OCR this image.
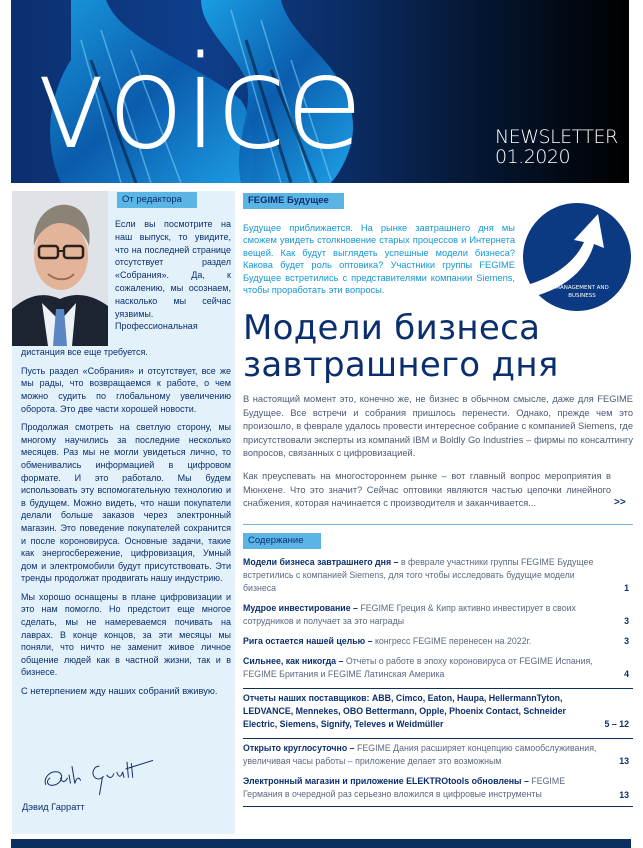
voice	NEWSLETTER
01.2020
От редактора
Если вы посмотрите на наш выпуск, то увидите, что на последней странице отсутствует раздел «Собрания». Да, к сожалению, мы осознаем, насколько мы сейчас уязвимы. Профессиональная
дистанция все еще требуется.
Пусть раздел «Собрания» и отсутствует, все же мы рады, что возвращаемся к работе, о чем можно судить по глобальному увеличению оборота. Это две части хорошей новости.
Продолжая смотреть на светлую сторону, мы многому научились за последние несколько месяцев. Раз мы не могли увидеться лично, то обменивались информацией в цифровом формате. И это работало. Мы будем использовать эту вспомогательную технологию и в будущем. Можно видеть, что наши покупатели делали больше заказов через электронный магазин. Это поведение покупателей сохранится и после короновируса. Основные задачи, такие как энергосбережение, цифровизация, Умный дом и электромобили будут присутствовать. Эти тренды продолжат продвигать нашу индустрию.
Мы хорошо оснащены в плане цифровизации и это нам помогло. Но предстоит еще многое сделать, мы не намереваемся почивать на лаврах. В конце концов, за эти месяцы мы поняли, что ничто не заменит живое личное общение людей как в частной жизни, так и в бизнесе.
С нетерпением жду наших собраний вживую.
Дэвид Гарратт
FEGIME Будущее
Будущее приближается. На рынке завтрашнего дня мы сможем увидеть столкновение старых процессов и Интернета вещей. Как будут выглядеть успешные модели бизнеса? Какова будет роль оптовика? Участники группы FEGIME Будущее встретились с представителями компании Siemens, чтобы проработать эти вопросы.	MANAGEMENT AND
BUSINESS
Модели бизнеса
завтрашнего дня
В настоящий момент это, конечно же, не бизнес в обычном смысле, даже для FEGIME Будущее. Все встречи и собрания пришлось перенести. Однако, прежде чем это произошло, в феврале удалось провести интересное собрание с компанией Siemens, где присутствовали эксперты из компаний IBM и Boldly Go Industries – фирмы по консалтингу вопросов, связанных с цифровизацией.
Как преуспевать на многостороннем рынке – вот главный вопрос мероприятия в Мюнхене. Что это значит? Сейчас оптовики являются частью цепочки линейного снабжения, которая начинается с производителя и заканчивается...	>>
Содержание
Модели бизнеса завтрашнего дня – в феврале участники группы FEGIME Будущее встретились с компанией Siemens, для того чтобы исследовать будущие модели бизнеса	1
Мудрое инвестирование – FEGIME Греция & Кипр активно инвестирует в своих сотрудников и получает за это награды	3
Рига остается нашей целью – конгресс FEGIME перенесен на 2022г.	3
Сильнее, как никогда – Отчеты о работе в эпоху короновируса от FEGIME Испания, FEGIME Британия и FEGIME Латинская Америка	4
Отчеты наших поставщиков: ABB, Cimco, Eaton, Haupa, HellermannTyton, LEDVANCE, Mennekes, OBO Bettermann, Opple, Phoenix Contact, Schneider Electric, Siemens, Signify, Televes и Weidmüller	5 – 12
Открыто круглосуточно – FEGIME Дания расширяет концепцию самообслуживания, увеличивая часы работы – приложение делает это возможным	13
Электронный магазин и приложение ELEKTROtools обновлены – FEGIME Германия в очередной раз серьезно вложился в цифровые инструменты	13
